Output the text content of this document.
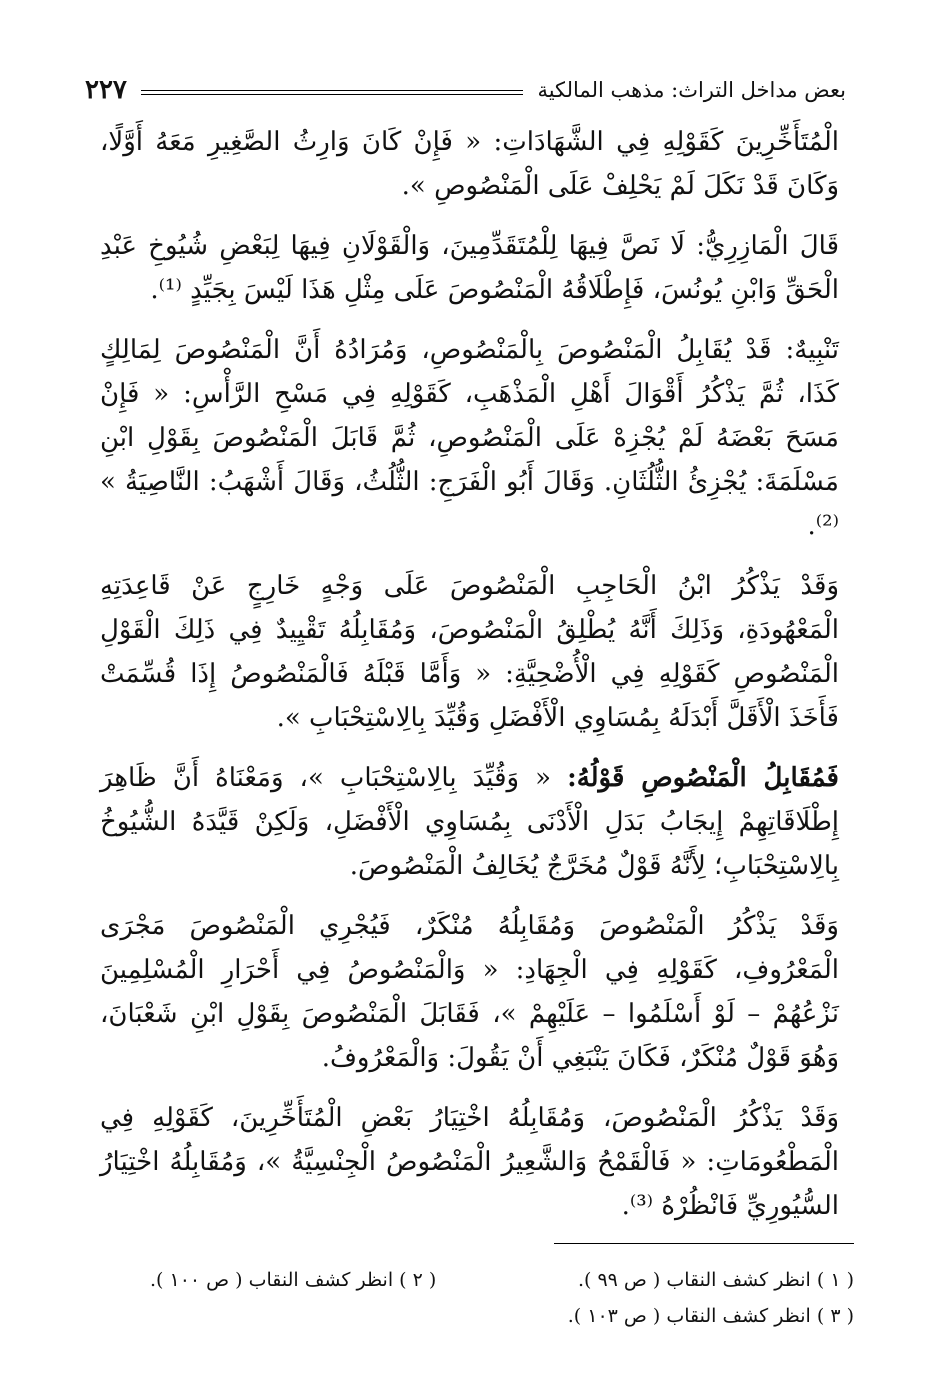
بعض مداخل التراث: مذهب المالكية
٢٢٧

الْمُتَأَخِّرِينَ كَقَوْلِهِ فِي الشَّهَادَاتِ: « فَإِنْ كَانَ وَارِثُ الصَّغِيرِ مَعَهُ أَوَّلًا، وَكَانَ قَدْ نَكَلَ لَمْ يَحْلِفْ عَلَى الْمَنْصُوصِ ».

قَالَ الْمَازِرِيُّ: لَا نَصَّ فِيهَا لِلْمُتَقَدِّمِينَ، وَالْقَوْلَانِ فِيهَا لِبَعْضِ شُيُوخِ عَبْدِ الْحَقِّ وَابْنِ يُونُسَ، فَإِطْلَاقُهُ الْمَنْصُوصَ عَلَى مِثْلِ هَذَا لَيْسَ بِجَيِّدٍ ⁽¹⁾.

تَنْبِيهٌ: قَدْ يُقَابِلُ الْمَنْصُوصَ بِالْمَنْصُوصِ، وَمُرَادُهُ أَنَّ الْمَنْصُوصَ لِمَالِكٍ كَذَا، ثُمَّ يَذْكُرُ أَقْوَالَ أَهْلِ الْمَذْهَبِ، كَقَوْلِهِ فِي مَسْحِ الرَّأْسِ: « فَإِنْ مَسَحَ بَعْضَهُ لَمْ يُجْزِهْ عَلَى الْمَنْصُوصِ، ثُمَّ قَابَلَ الْمَنْصُوصَ بِقَوْلِ ابْنِ مَسْلَمَةَ: يُجْزِئُ الثُّلُثَانِ. وَقَالَ أَبُو الْفَرَجِ: الثُّلُثُ، وَقَالَ أَشْهَبُ: النَّاصِيَةُ » ⁽²⁾.

وَقَدْ يَذْكُرُ ابْنُ الْحَاجِبِ الْمَنْصُوصَ عَلَى وَجْهٍ خَارِجٍ عَنْ قَاعِدَتِهِ الْمَعْهُودَةِ، وَذَلِكَ أَنَّهُ يُطْلِقُ الْمَنْصُوصَ، وَمُقَابِلُهُ تَقْيِيدٌ فِي ذَلِكَ الْقَوْلِ الْمَنْصُوصِ كَقَوْلِهِ فِي الْأُضْحِيَّةِ: « وَأَمَّا قَبْلَهُ فَالْمَنْصُوصُ إِذَا قُسِّمَتْ فَأَخَذَ الْأَقَلَّ أَبْدَلَهُ بِمُسَاوِي الْأَفْضَلِ وَقُيِّدَ بِالِاسْتِحْبَابِ ».

فَمُقَابِلُ الْمَنْصُوصِ قَوْلُهُ: « وَقُيِّدَ بِالِاسْتِحْبَابِ »، وَمَعْنَاهُ أَنَّ ظَاهِرَ إِطْلَاقَاتِهِمْ إِيجَابُ بَدَلِ الْأَدْنَى بِمُسَاوِي الْأَفْضَلِ، وَلَكِنْ قَيَّدَهُ الشُّيُوخُ بِالِاسْتِحْبَابِ؛ لِأَنَّهُ قَوْلٌ مُخَرَّجٌ يُخَالِفُ الْمَنْصُوصَ.

وَقَدْ يَذْكُرُ الْمَنْصُوصَ وَمُقَابِلُهُ مُنْكَرٌ، فَيُجْرِي الْمَنْصُوصَ مَجْرَى الْمَعْرُوفِ، كَقَوْلِهِ فِي الْجِهَادِ: « وَالْمَنْصُوصُ فِي أَحْرَارِ الْمُسْلِمِينَ نَزْعُهُمْ – لَوْ أَسْلَمُوا – عَلَيْهِمْ »، فَقَابَلَ الْمَنْصُوصَ بِقَوْلِ ابْنِ شَعْبَانَ، وَهُوَ قَوْلٌ مُنْكَرٌ، فَكَانَ يَنْبَغِي أَنْ يَقُولَ: وَالْمَعْرُوفُ.

وَقَدْ يَذْكُرُ الْمَنْصُوصَ، وَمُقَابِلُهُ اخْتِيَارُ بَعْضِ الْمُتَأَخِّرِينَ، كَقَوْلِهِ فِي الْمَطْعُومَاتِ: « فَالْقَمْحُ وَالشَّعِيرُ الْمَنْصُوصُ الْجِنْسِيَّةُ »، وَمُقَابِلُهُ اخْتِيَارُ السُّيُورِيِّ فَانْظُرْهُ ⁽³⁾.

( ١ ) انظر كشف النقاب ( ص ٩٩ ).
( ٢ ) انظر كشف النقاب ( ص ١٠٠ ).
( ٣ ) انظر كشف النقاب ( ص ١٠٣ ).
